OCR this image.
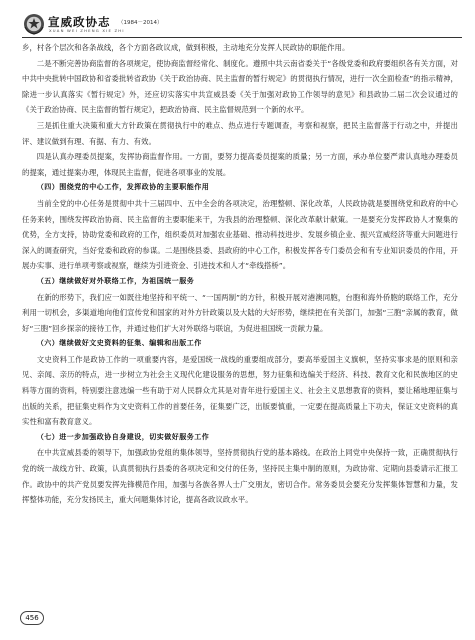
宣威政协志 （1984－2014）
XUAN WEI ZHENG XIE ZHI

乡，村各个层次和各条战线，各个方面各政议成，做到积极，主动地充分发挥人民政协的职能作用。

二是不断完善协商监督的各项规定，使协商监督经常化、制度化。遵照中共云南省委关于“各级党委和政府要组织各有关方面，对中共中央批转中国政协和省委批转省政协《关于政治协商、民主监督的暂行规定》的贯彻执行情况，进行一次全面检查”的指示精神，除进一步认真落实《暂行规定》外，还应切实落实中共宣威县委《关于加强对政协工作领导的意见》和县政协二届二次会议通过的《关于政治协商、民主监督的暂行规定》，把政治协商、民主监督规范到一个新的水平。

三是抓住重大决策和重大方针政策在贯彻执行中的难点、热点进行专题调查，考察和视察，把民主监督落于行动之中，并提出评、建议做到有理、有据、有力、有效。

四是认真办理委员提案，发挥协商监督作用。一方面，要努力提高委员提案的质量；另一方面，承办单位要严肃认真地办理委员的提案，通过提案办理，体现民主监督，促进各项事业的发展。

（四）围绕党的中心工作，发挥政协的主要职能作用

当前全党的中心任务是贯彻中共十三届四中、五中全会的各项决定，治理整顿、深化改革，人民政协就是要围绕党和政府的中心任务来转，围绕发挥政治协商、民主监督的主要职能来干，为我县的治理整顿、深化改革献计献策。一是要充分发挥政协人才聚集的优势，全方支持，协助党委和政府的工作，组织委员对加强农业基础、推动科技进步、发展乡镇企业、振兴宣威经济等重大问题进行深入的调查研究，当好党委和政府的参谋。二是围绕县委、县政府的中心工作，积极发挥各专门委员会和有专业知识委员的作用，开展办实事、进行单项考察或视察，继续为引进资金、引进技术和人才“牵线搭桥”。

（五）继续做好对外联络工作，为祖国统一服务

在新的形势下，我们应一如既往地坚持和平统一、“一国两制”的方针，积极开展对港澳同胞，台胞和海外侨胞的联络工作，充分利用一切机会，多渠道地向他们宣传党和国家的对外方针政策以及大陆的大好形势，继续把在有关部门，加强“三胞”亲属的教育，做好“三胞”回乡探亲的接待工作，并通过他们扩大对外联络与联谊，为促进祖国统一贡献力量。

（六）继续做好文史资料的征集、编辑和出版工作

文史资料工作是政协工作的一项重要内容，是爱国统一战线的重要组成部分，要高举爱国主义旗帜，坚持实事求是的原则和亲见、亲闻、亲历的特点，进一步树立为社会主义现代化建设服务的思想，努力征集和选编关于经济、科技、教育文化和民族地区的史料等方面的资料，特别要注意选编一些有助于对人民群众尤其是对青年进行爱国主义、社会主义思想教育的资料，要让稀地理征集与出版的关系，把征集史料作为文史资料工作的首要任务，征集要广泛，出版要慎重，一定要在提高质量上下功夫，保证文史资料的真实性和富有教育意义。

（七）进一步加强政协自身建设，切实做好服务工作

在中共宣威县委的领导下，加强政协党组的集体领导，坚持贯彻执行党的基本路线。在政治上同党中央保持一致，正确贯彻执行党的统一战线方针、政策，认真贯彻执行县委的各项决定和交付的任务，坚持民主集中制的原则，为政协常、定期向县委请示汇报工作。政协中的共产党员要发挥先锋模范作用，加强与各族各界人士广交朋友，密切合作。常务委员会要充分发挥集体智慧和力量，发挥整体功能，充分发扬民主，重大问题集体讨论，提高各政议政水平。

456
